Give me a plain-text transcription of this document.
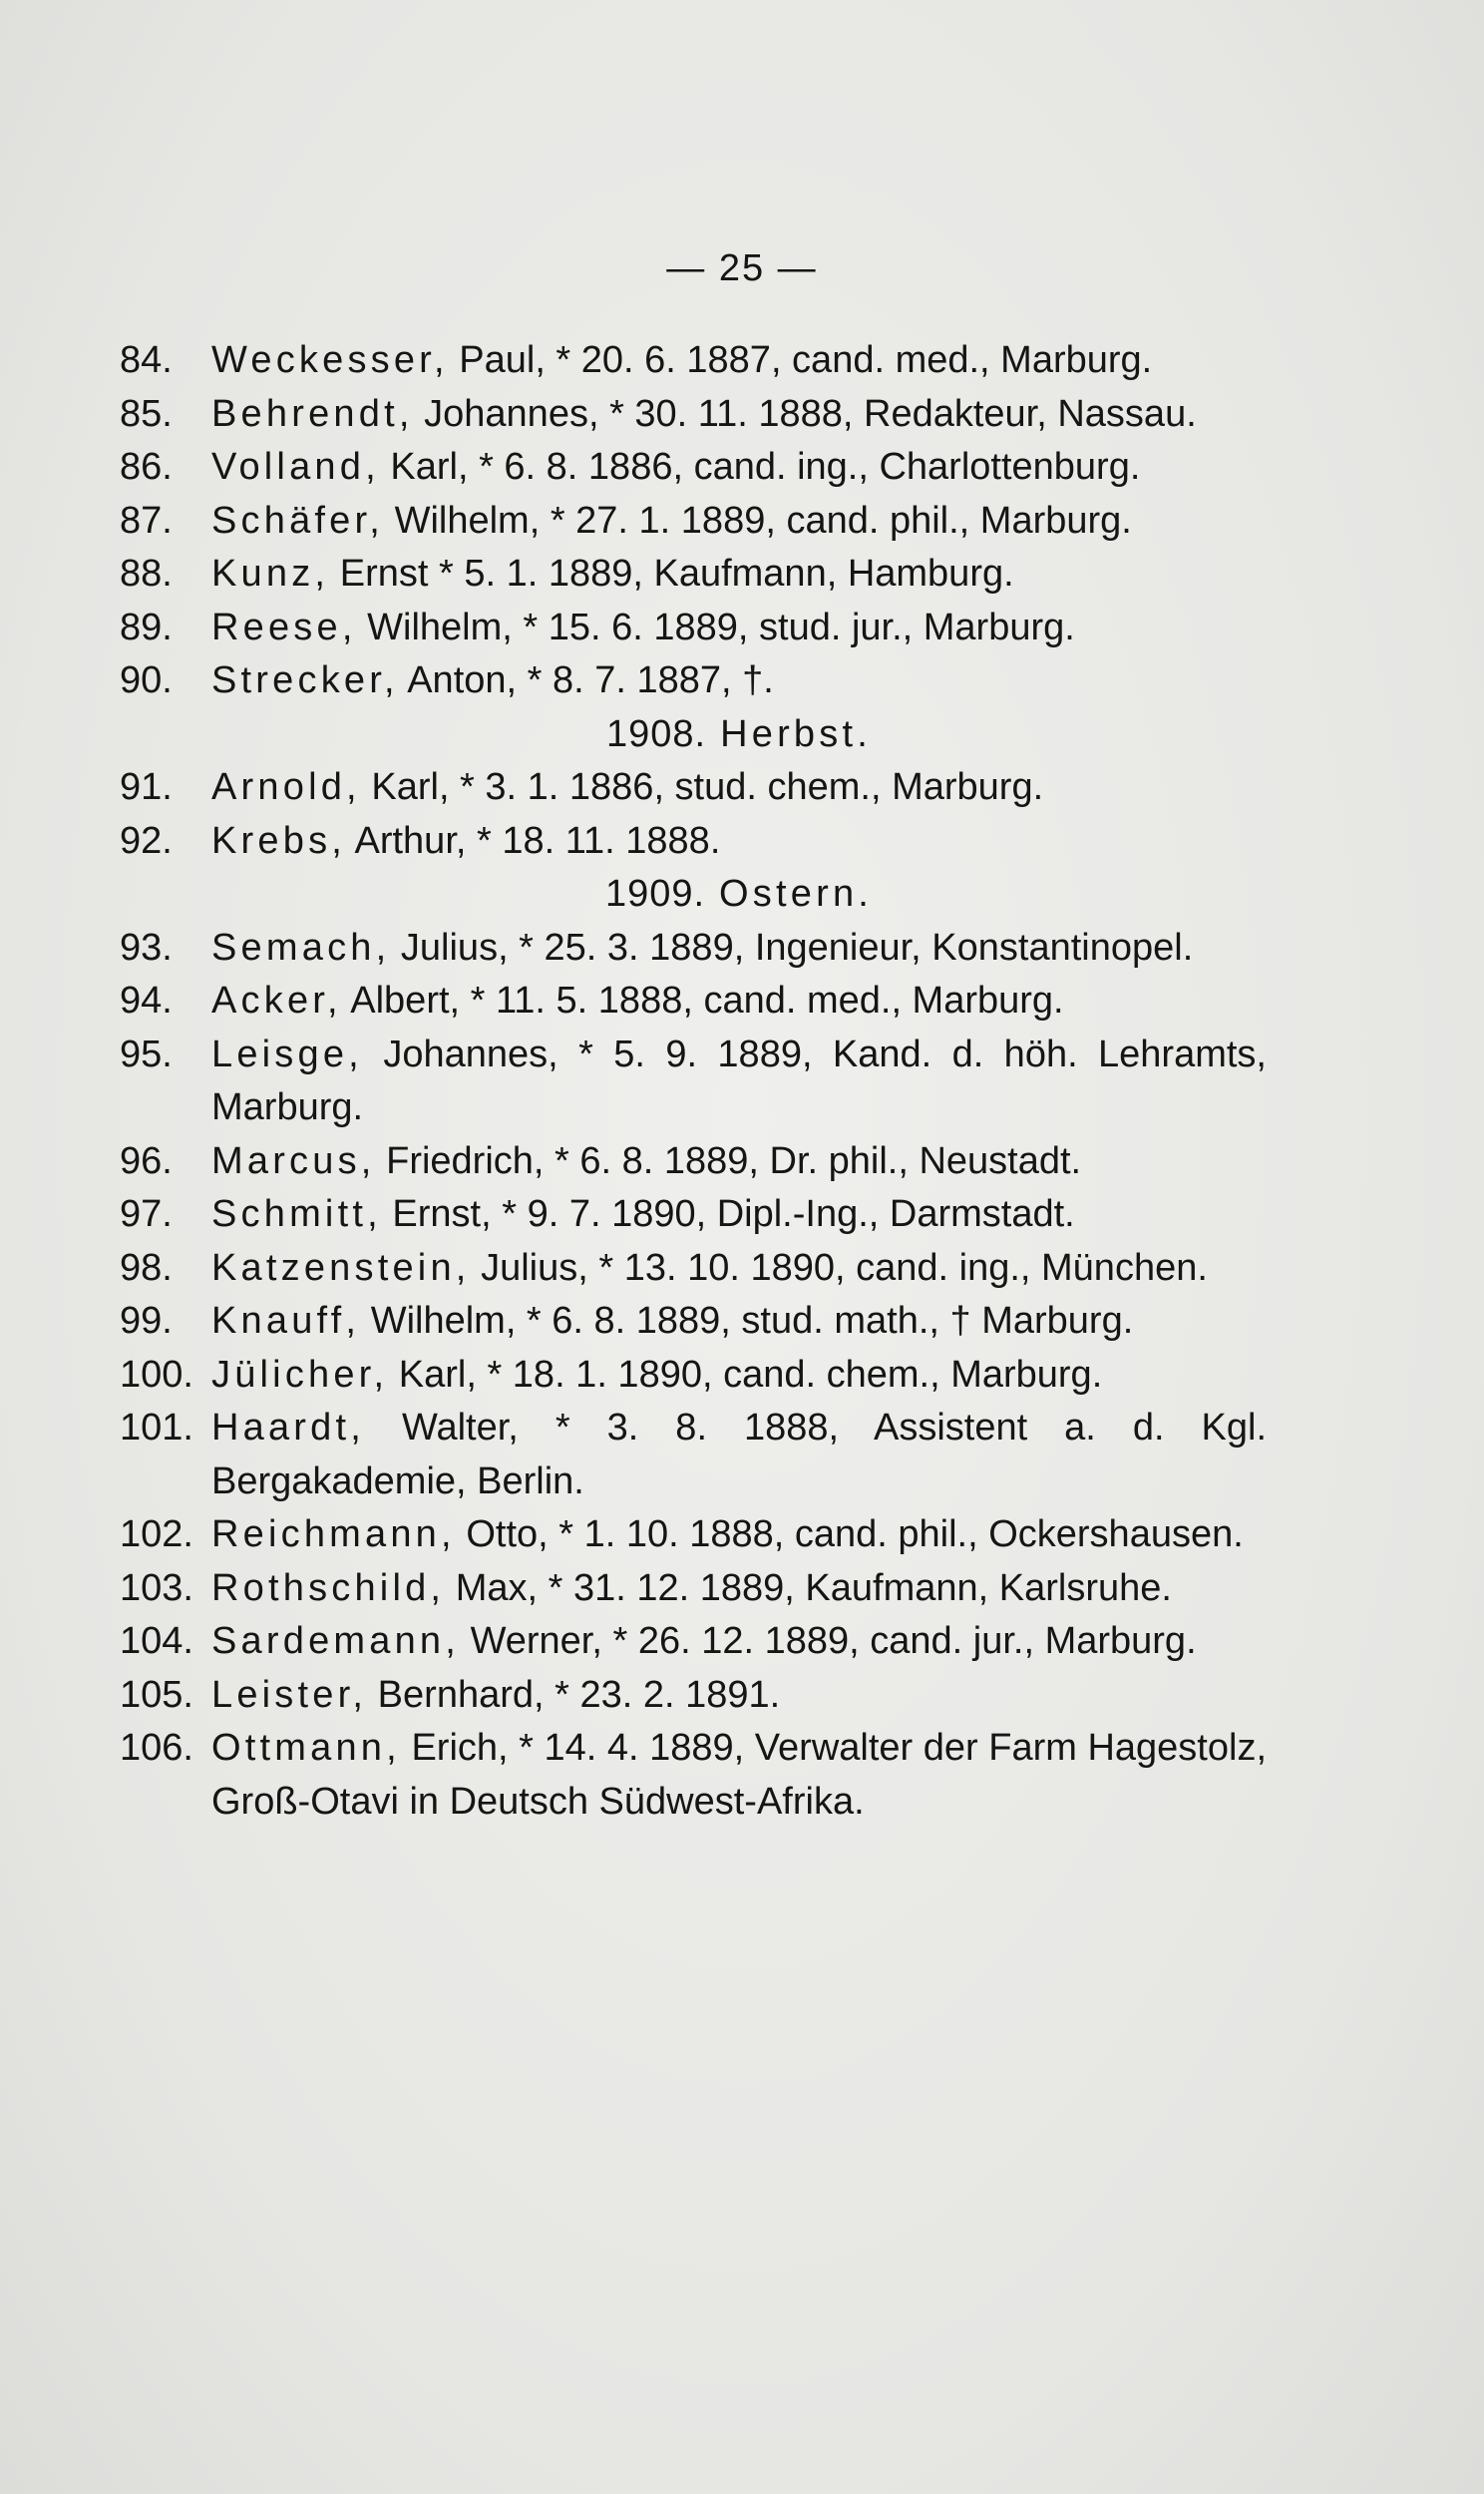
— 25 —
84.	Weckesser, Paul, * 20. 6. 1887, cand. med., Marburg.
85.	Behrendt, Johannes, * 30. 11. 1888, Redakteur, Nassau.
86.	Volland, Karl, * 6. 8. 1886, cand. ing., Charlottenburg.
87.	Schäfer, Wilhelm, * 27. 1. 1889, cand. phil., Marburg.
88.	Kunz, Ernst * 5. 1. 1889, Kaufmann, Hamburg.
89.	Reese, Wilhelm, * 15. 6. 1889, stud. jur., Marburg.
90.	Strecker, Anton, * 8. 7. 1887, †.
1908. Herbst.
91.	Arnold, Karl, * 3. 1. 1886, stud. chem., Marburg.
92.	Krebs, Arthur, * 18. 11. 1888.
1909. Ostern.
93.	Semach, Julius, * 25. 3. 1889, Ingenieur, Konstantinopel.
94.	Acker, Albert, * 11. 5. 1888, cand. med., Marburg.
95.	Leisge, Johannes, * 5. 9. 1889, Kand. d. höh. Lehramts, Marburg.
96.	Marcus, Friedrich, * 6. 8. 1889, Dr. phil., Neustadt.
97.	Schmitt, Ernst, * 9. 7. 1890, Dipl.-Ing., Darmstadt.
98.	Katzenstein, Julius, * 13. 10. 1890, cand. ing., München.
99.	Knauff, Wilhelm, * 6. 8. 1889, stud. math., † Marburg.
100. Jülicher, Karl, * 18. 1. 1890, cand. chem., Marburg.
101. Haardt, Walter, * 3. 8. 1888, Assistent a. d. Kgl. Bergakademie, Berlin.
102. Reichmann, Otto, * 1. 10. 1888, cand. phil., Ockershausen.
103. Rothschild, Max, * 31. 12. 1889, Kaufmann, Karlsruhe.
104. Sardemann, Werner, * 26. 12. 1889, cand. jur., Marburg.
105. Leister, Bernhard, * 23. 2. 1891.
106. Ottmann, Erich, * 14. 4. 1889, Verwalter der Farm Hagestolz, Groß-Otavi in Deutsch Südwest-Afrika.
